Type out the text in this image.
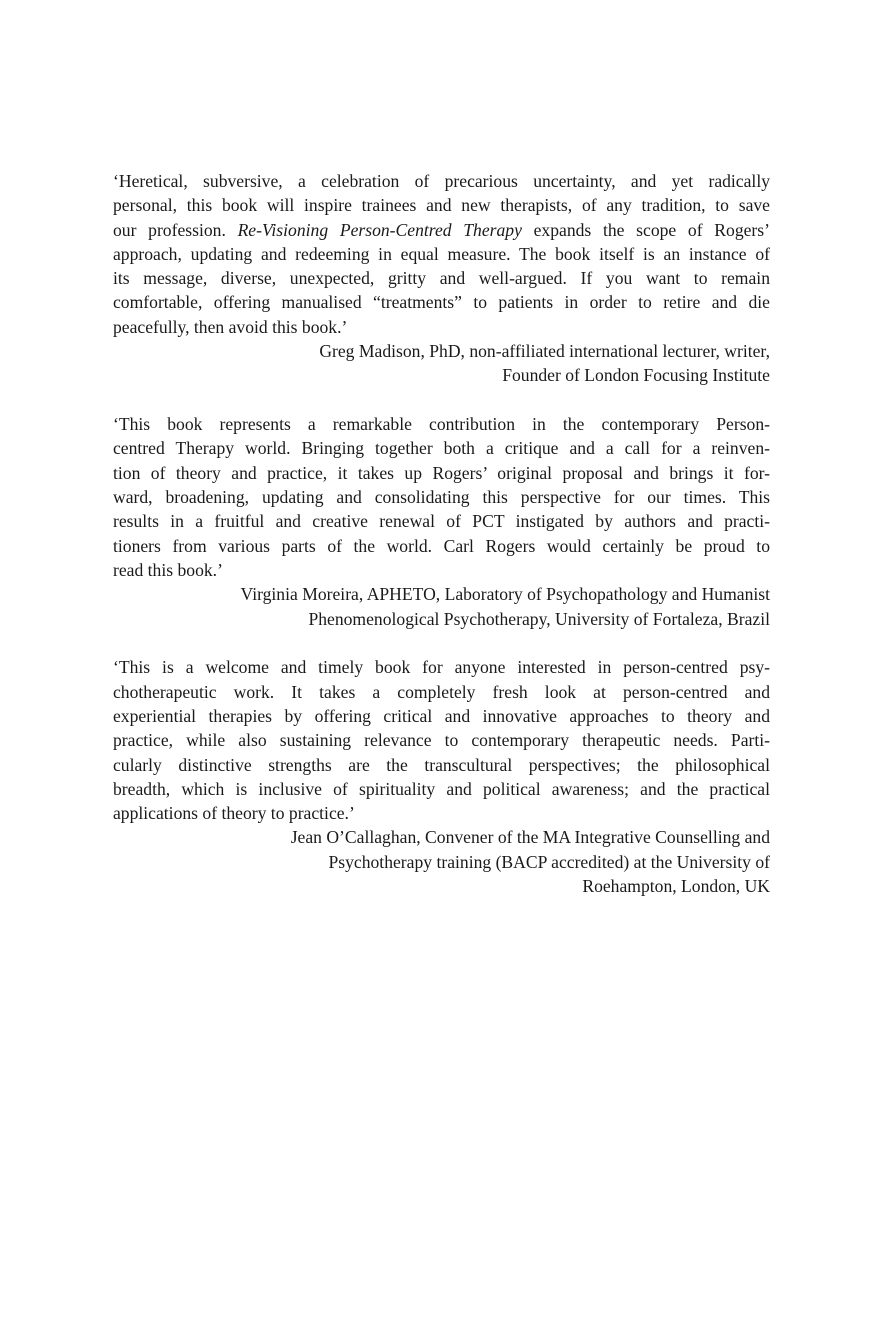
‘Heretical, subversive, a celebration of precarious uncertainty, and yet radically
personal, this book will inspire trainees and new therapists, of any tradition, to save
our profession. Re-Visioning Person-Centred Therapy expands the scope of Rogers’
approach, updating and redeeming in equal measure. The book itself is an instance of
its message, diverse, unexpected, gritty and well-argued. If you want to remain
comfortable, offering manualised “treatments” to patients in order to retire and die
peacefully, then avoid this book.’
Greg Madison, PhD, non-affiliated international lecturer, writer,
Founder of London Focusing Institute
‘This book represents a remarkable contribution in the contemporary Person-
centred Therapy world. Bringing together both a critique and a call for a reinven-
tion of theory and practice, it takes up Rogers’ original proposal and brings it for-
ward, broadening, updating and consolidating this perspective for our times. This
results in a fruitful and creative renewal of PCT instigated by authors and practi-
tioners from various parts of the world. Carl Rogers would certainly be proud to
read this book.’
Virginia Moreira, APHETO, Laboratory of Psychopathology and Humanist
Phenomenological Psychotherapy, University of Fortaleza, Brazil
‘This is a welcome and timely book for anyone interested in person-centred psy-
chotherapeutic work. It takes a completely fresh look at person-centred and
experiential therapies by offering critical and innovative approaches to theory and
practice, while also sustaining relevance to contemporary therapeutic needs. Parti-
cularly distinctive strengths are the transcultural perspectives; the philosophical
breadth, which is inclusive of spirituality and political awareness; and the practical
applications of theory to practice.’
Jean O’Callaghan, Convener of the MA Integrative Counselling and
Psychotherapy training (BACP accredited) at the University of
Roehampton, London, UK
